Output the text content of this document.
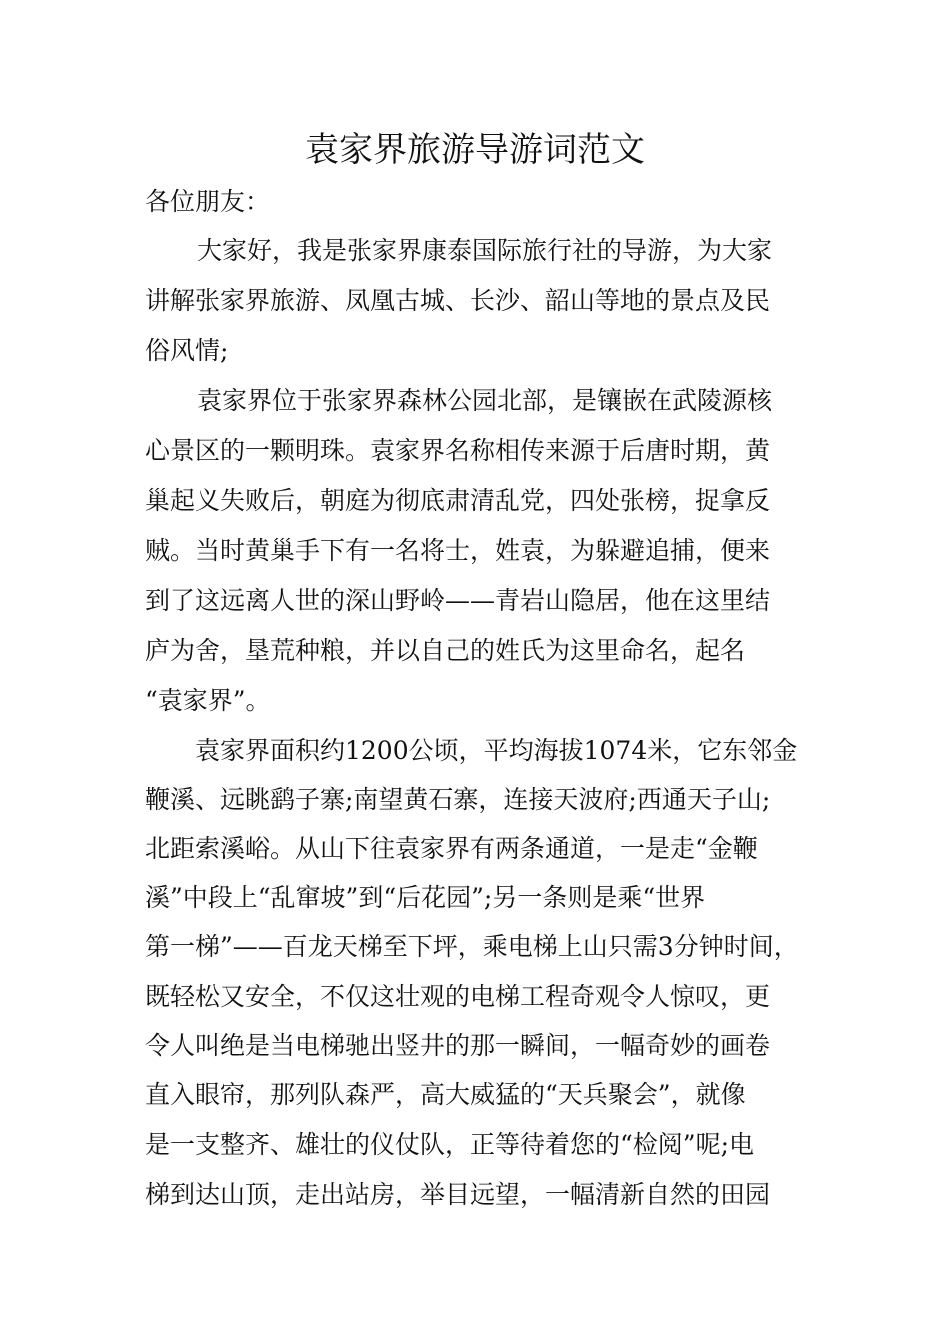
袁家界旅游导游词范文
各位朋友：
大家好，我是张家界康泰国际旅行社的导游，为大家
讲解张家界旅游、凤凰古城、长沙、韶山等地的景点及民
俗风情;
袁家界位于张家界森林公园北部，是镶嵌在武陵源核
心景区的一颗明珠。袁家界名称相传来源于后唐时期，黄
巢起义失败后，朝庭为彻底肃清乱党，四处张榜，捉拿反
贼。当时黄巢手下有一名将士，姓袁，为躲避追捕，便来
到了这远离人世的深山野岭——青岩山隐居，他在这里结
庐为舍，垦荒种粮，并以自己的姓氏为这里命名，起名
“袁家界”。
袁家界面积约1200公顷，平均海拔1074米，它东邻金
鞭溪、远眺鹞子寨;南望黄石寨，连接天波府;西通天子山;
北距索溪峪。从山下往袁家界有两条通道，一是走“金鞭
溪”中段上“乱窜坡”到“后花园”;另一条则是乘“世界
第一梯”——百龙天梯至下坪，乘电梯上山只需3分钟时间，
既轻松又安全，不仅这壮观的电梯工程奇观令人惊叹，更
令人叫绝是当电梯驰出竖井的那一瞬间，一幅奇妙的画卷
直入眼帘，那列队森严，高大威猛的“天兵聚会”，就像
是一支整齐、雄壮的仪仗队，正等待着您的“检阅”呢;电
梯到达山顶，走出站房，举目远望，一幅清新自然的田园
